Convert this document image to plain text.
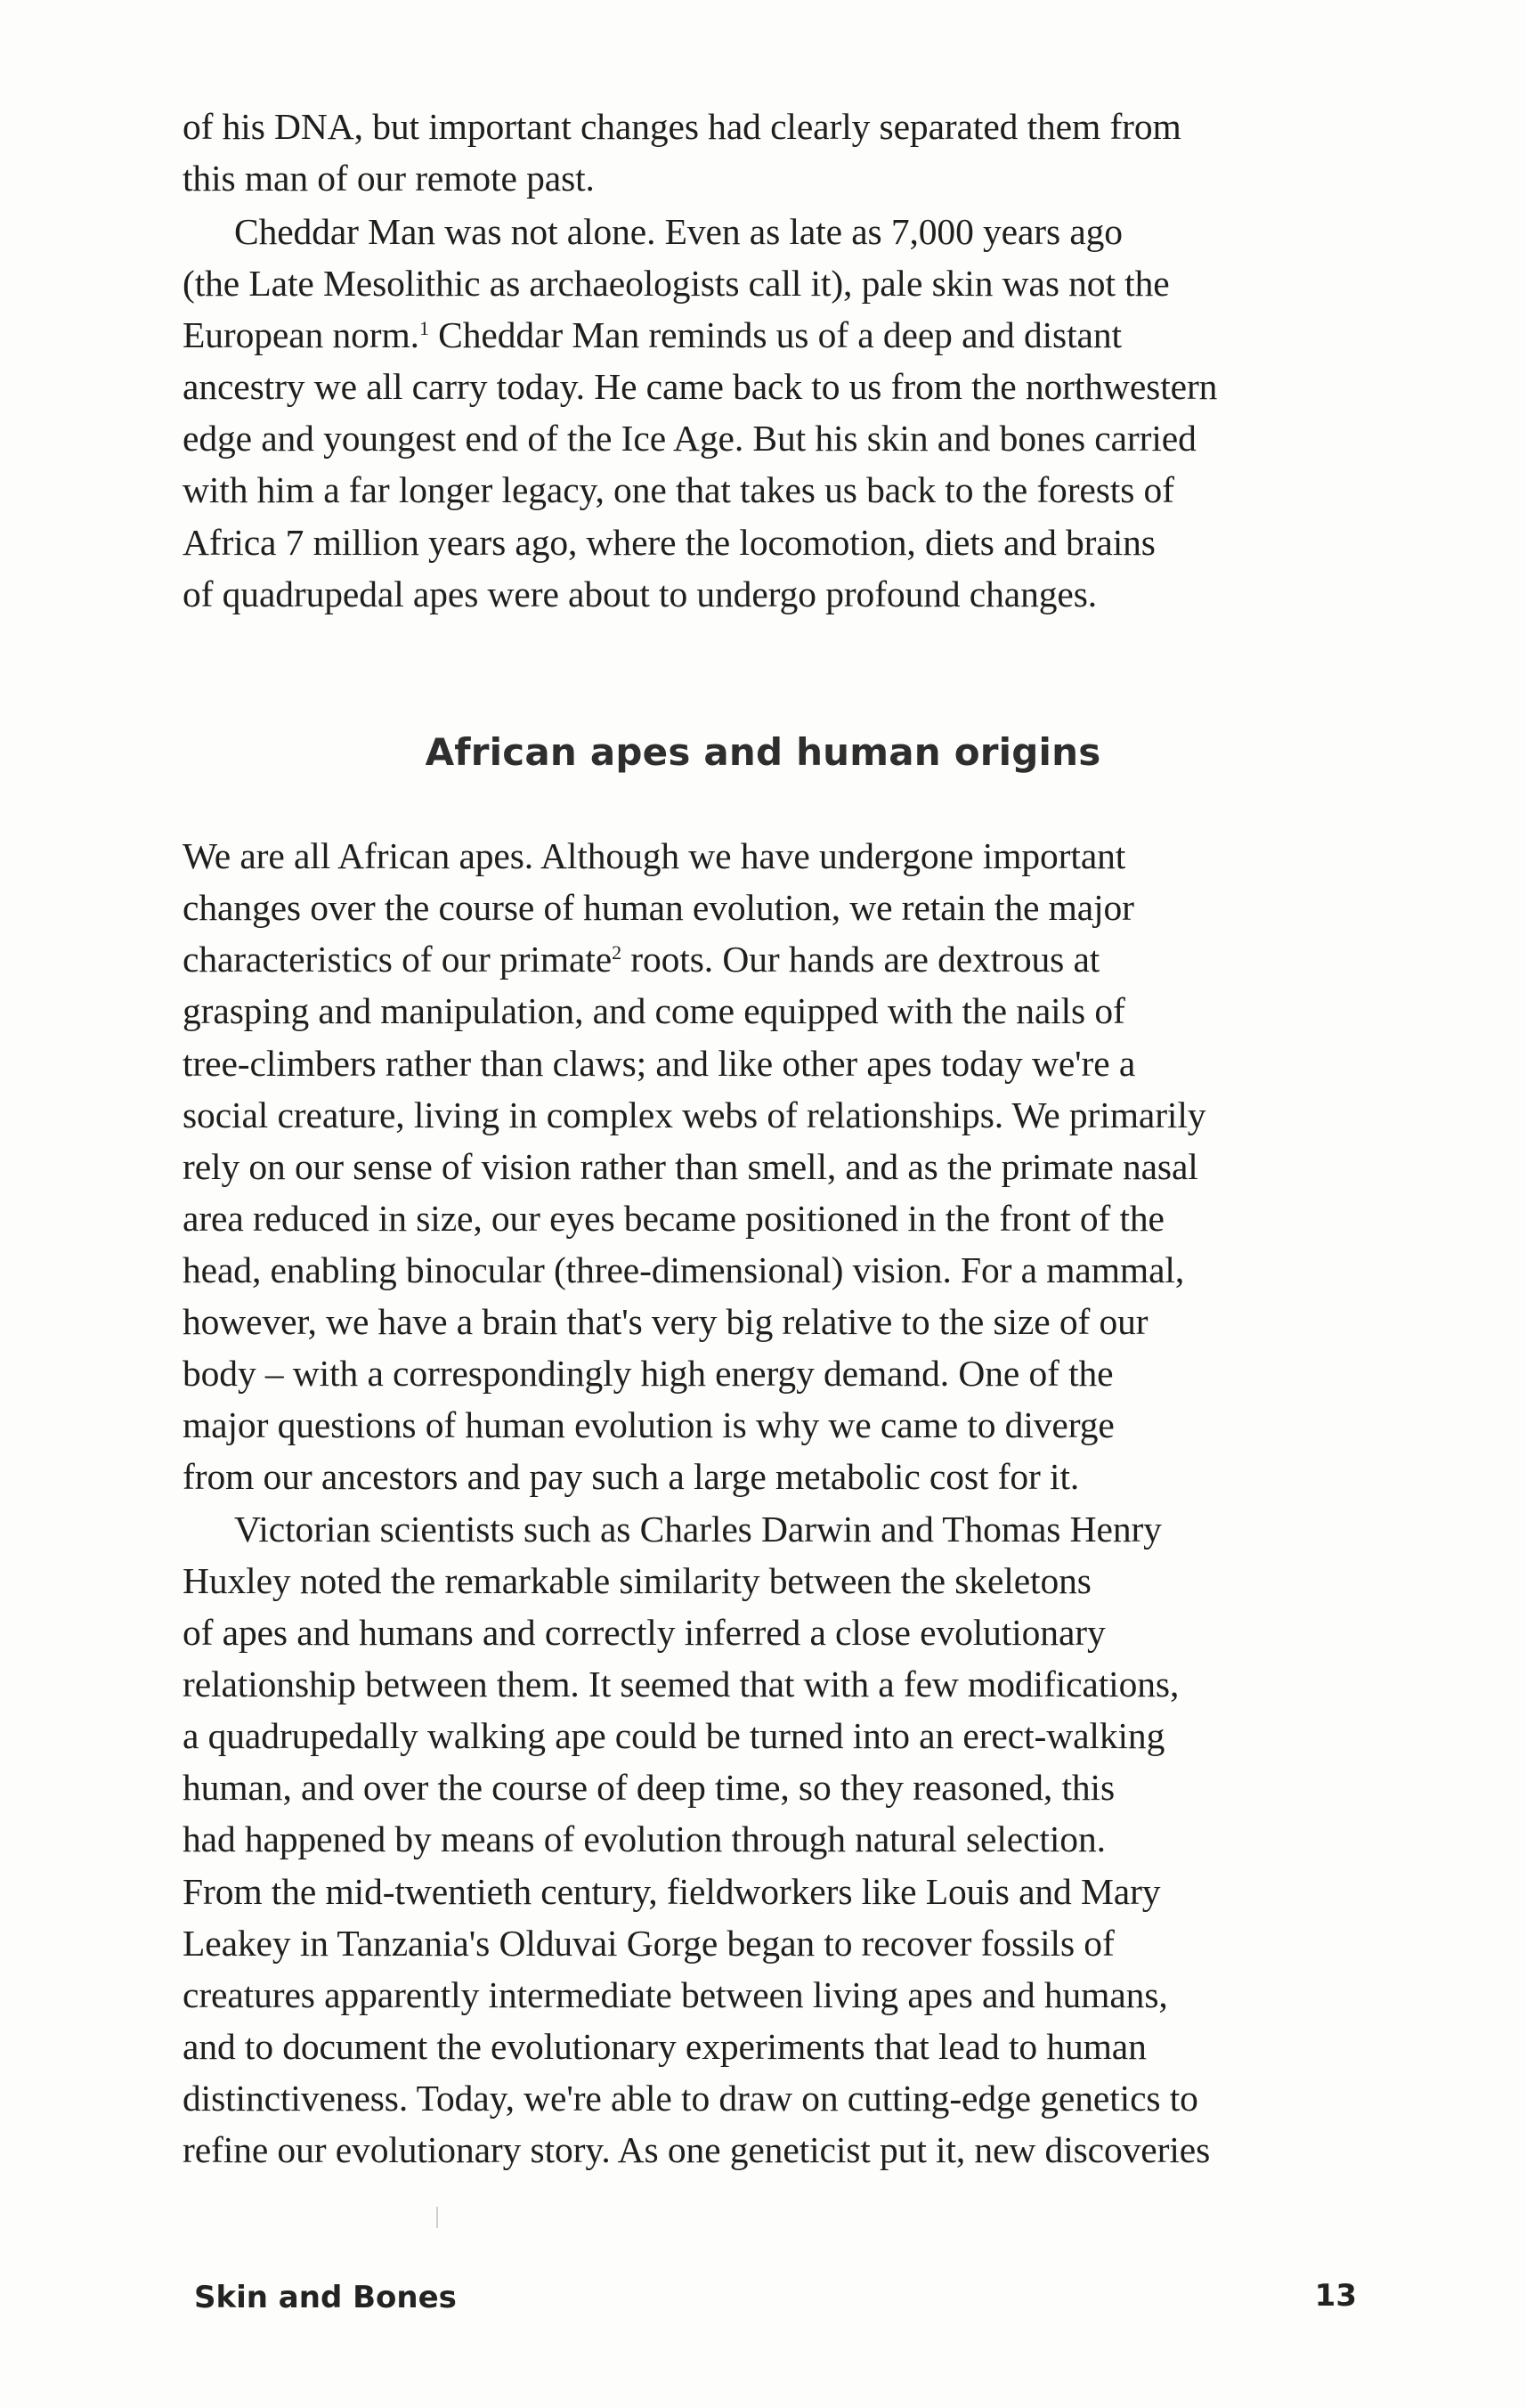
of his DNA, but important changes had clearly separated them from
this man of our remote past.
Cheddar Man was not alone. Even as late as 7,000 years ago
(the Late Mesolithic as archaeologists call it), pale skin was not the
European norm.$^1$ Cheddar Man reminds us of a deep and distant
ancestry we all carry today. He came back to us from the northwestern
edge and youngest end of the Ice Age. But his skin and bones carried
with him a far longer legacy, one that takes us back to the forests of
Africa 7 million years ago, where the locomotion, diets and brains
of quadrupedal apes were about to undergo profound changes.
African apes and human origins
We are all African apes. Although we have undergone important
changes over the course of human evolution, we retain the major
characteristics of our primate$^2$ roots. Our hands are dextrous at
grasping and manipulation, and come equipped with the nails of
tree-climbers rather than claws; and like other apes today we're a
social creature, living in complex webs of relationships. We primarily
rely on our sense of vision rather than smell, and as the primate nasal
area reduced in size, our eyes became positioned in the front of the
head, enabling binocular (three-dimensional) vision. For a mammal,
however, we have a brain that's very big relative to the size of our
body – with a correspondingly high energy demand. One of the
major questions of human evolution is why we came to diverge
from our ancestors and pay such a large metabolic cost for it.
Victorian scientists such as Charles Darwin and Thomas Henry
Huxley noted the remarkable similarity between the skeletons
of apes and humans and correctly inferred a close evolutionary
relationship between them. It seemed that with a few modifications,
a quadrupedally walking ape could be turned into an erect-walking
human, and over the course of deep time, so they reasoned, this
had happened by means of evolution through natural selection.
From the mid-twentieth century, fieldworkers like Louis and Mary
Leakey in Tanzania's Olduvai Gorge began to recover fossils of
creatures apparently intermediate between living apes and humans,
and to document the evolutionary experiments that lead to human
distinctiveness. Today, we're able to draw on cutting-edge genetics to
refine our evolutionary story. As one geneticist put it, new discoveries
Skin and Bones	13
